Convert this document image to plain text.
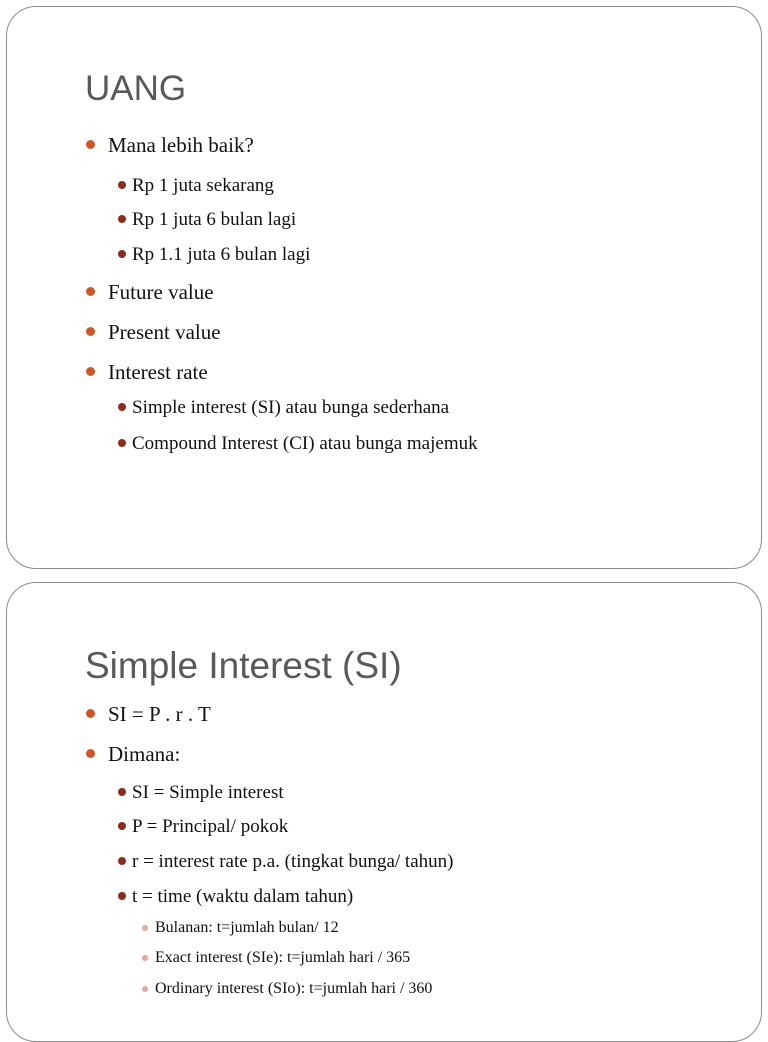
UANG
Mana lebih baik?
Rp 1 juta sekarang
Rp 1 juta 6 bulan lagi
Rp 1.1 juta 6 bulan lagi
Future value
Present value
Interest rate
Simple interest (SI) atau bunga sederhana
Compound Interest (CI) atau bunga majemuk
Simple Interest (SI)
SI = P . r . T
Dimana:
SI = Simple interest
P = Principal/ pokok
r = interest rate p.a. (tingkat bunga/ tahun)
t = time (waktu dalam tahun)
Bulanan: t=jumlah bulan/ 12
Exact interest (SIe): t=jumlah hari / 365
Ordinary interest (SIo): t=jumlah hari / 360
